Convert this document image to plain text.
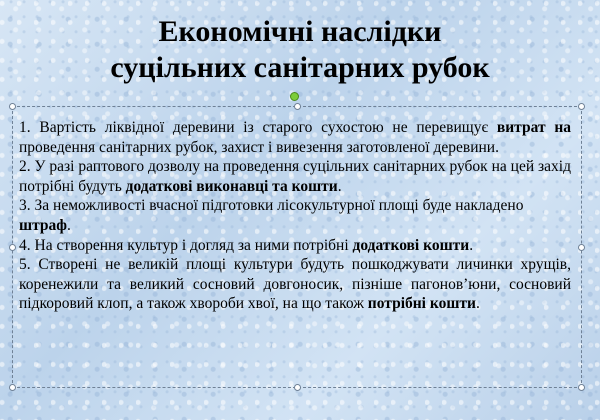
Економічні наслідки
суцільних санітарних рубок

1. Вартість ліквідної деревини із старого сухостою не перевищує витрат на проведення санітарних рубок, захист і вивезення заготовленої деревини.

2. У разі раптового дозволу на проведення суцільних санітарних рубок на цей захід потрібні будуть додаткові виконавці та кошти.

3. За неможливості вчасної підготовки лісокультурної площі буде накладено штраф.

4. На створення культур і догляд за ними потрібні додаткові кошти.

5. Створені не великій площі культури будуть пошкоджувати личинки хрущів, коренежили та великий сосновий довгоносик, пізніше пагонов’юни, сосновий підкоровий клоп, а також хвороби хвої, на що також потрібні кошти.
